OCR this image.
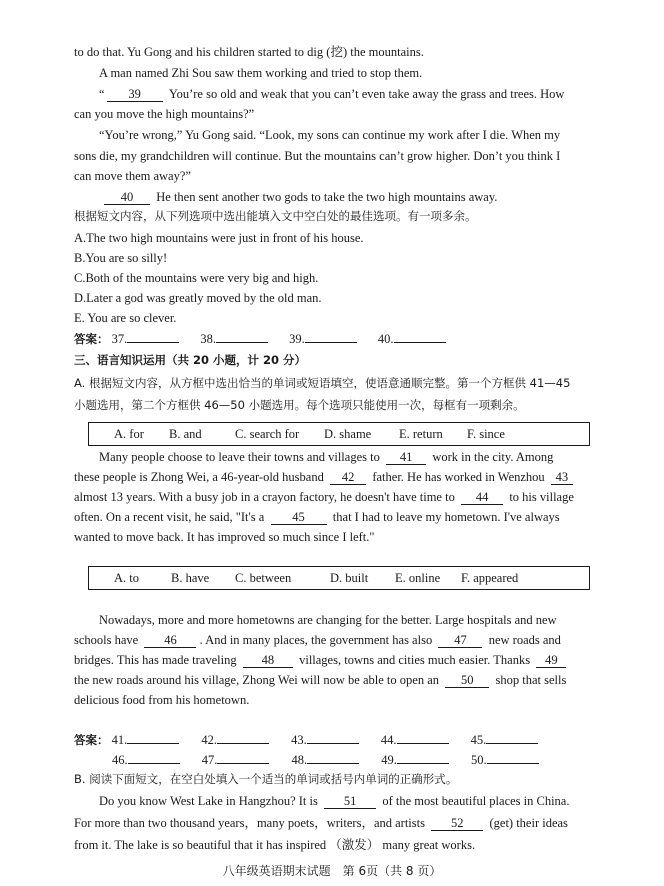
to do that. Yu Gong and his children started to dig (挖) the mountains.
A man named Zhi Sou saw them working and tried to stop them.
“ 39 You’re so old and weak that you can’t even take away the grass and trees. How
can you move the high mountains?”
“You’re wrong,” Yu Gong said. “Look, my sons can continue my work after I die. When my
sons die, my grandchildren will continue. But the mountains can’t grow higher. Don’t you think I
can move them away?”
40 He then sent another two gods to take the two high mountains away.
根据短文内容，从下列选项中选出能填入文中空白处的最佳选项。有一项多余。
A.The two high mountains were just in front of his house.
B.You are so silly!
C.Both of the mountains were very big and high.
D.Later a god was greatly moved by the old man.
E. You are so clever.
答案： 37.	38.	39.	40.
三、语言知识运用（共 20 小题，计 20 分）
A. 根据短文内容，从方框中选出恰当的单词或短语填空，使语意通顺完整。第一个方框供 41—45
小题选用，第二个方框供 46—50 小题选用。每个选项只能使用一次，每框有一项剩余。
A. for B. and	C. search for D. shame E. return F. since
Many people choose to leave their towns and villages to 41 work in the city. Among
these people is Zhong Wei, a 46-year-old husband 42 father. He has worked in Wenzhou 43
almost 13 years. With a busy job in a crayon factory, he doesn't have time to 44 to his village
often. On a recent visit, he said, "It's a 45 that I had to leave my hometown. I've always
wanted to move back. It has improved so much since I left."
A. to	B. have C. between	D. built E. online F. appeared
Nowadays, more and more hometowns are changing for the better. Large hospitals and new
schools have 46 . And in many places, the government has also 47 new roads and
bridges. This has made traveling 48 villages, towns and cities much easier. Thanks 49
the new roads around his village, Zhong Wei will now be able to open an 50 shop that sells
delicious food from his hometown.
答案： 41.	42.	43.	44.	45.
46.	47.	48.	49.	50.
B. 阅读下面短文，在空白处填入一个适当的单词或括号内单词的正确形式。
Do you know West Lake in Hangzhou? It is 51 of the most beautiful places in China.
For more than two thousand years，many poets，writers，and artists 52 (get) their ideas
from it. The lake is so beautiful that it has inspired （激发） many great works.
八年级英语期末试题　第 6页（共 8 页）
